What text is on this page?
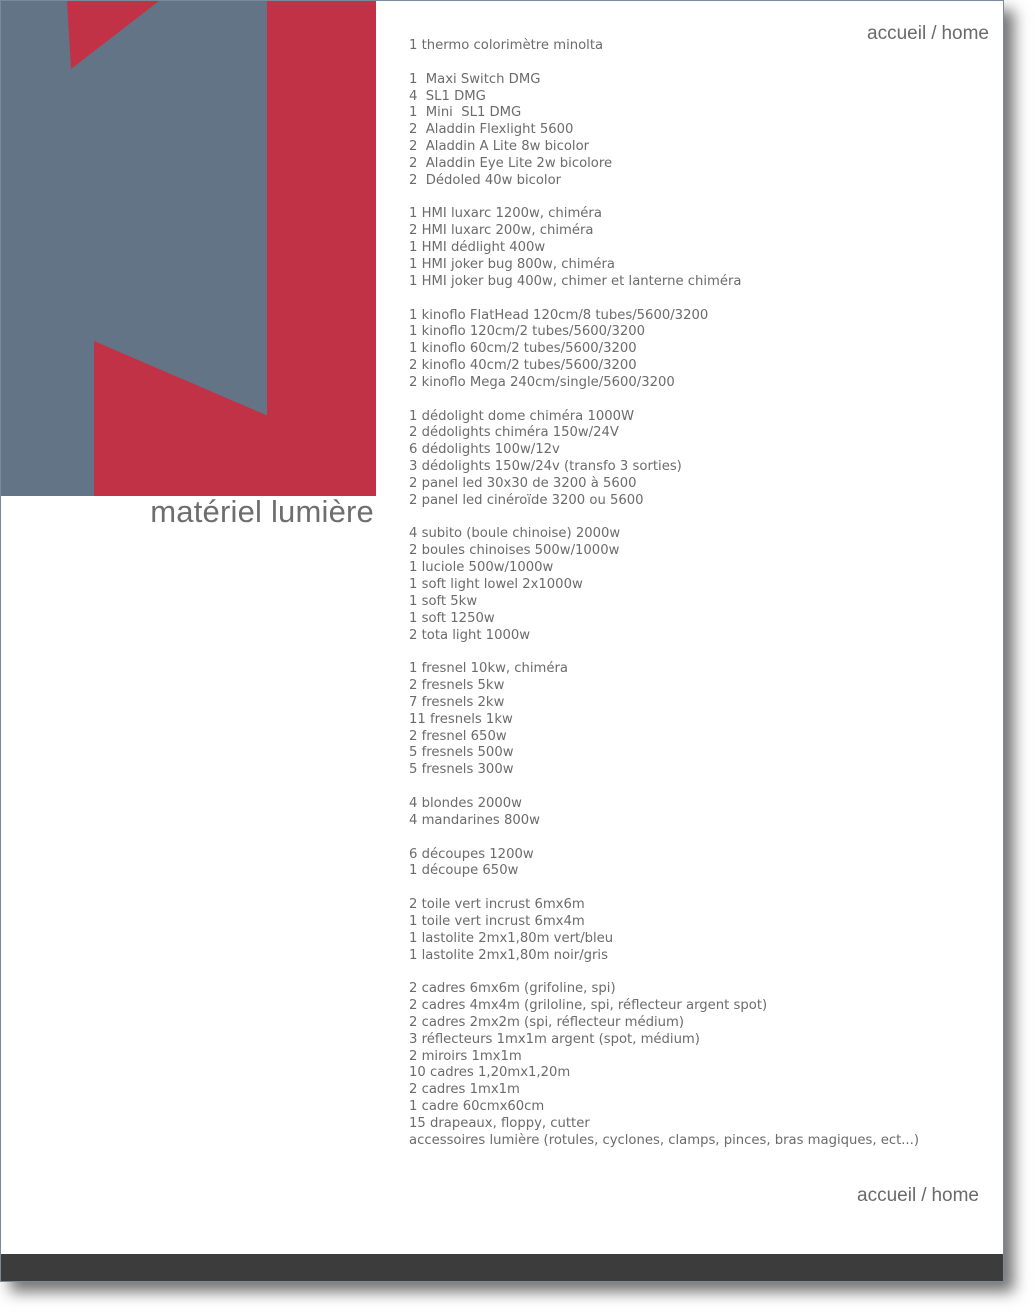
matériel lumière
accueil / home
1 thermo colorimètre minolta
1  Maxi Switch DMG
4  SL1 DMG
1  Mini  SL1 DMG
2  Aladdin Flexlight 5600
2  Aladdin A Lite 8w bicolor
2  Aladdin Eye Lite 2w bicolore
2  Dédoled 40w bicolor
1 HMI luxarc 1200w, chiméra
2 HMI luxarc 200w, chiméra
1 HMI dédlight 400w
1 HMI joker bug 800w, chiméra
1 HMI joker bug 400w, chimer et lanterne chiméra
1 kinoflo FlatHead 120cm/8 tubes/5600/3200
1 kinoflo 120cm/2 tubes/5600/3200
1 kinoflo 60cm/2 tubes/5600/3200
2 kinoflo 40cm/2 tubes/5600/3200
2 kinoflo Mega 240cm/single/5600/3200
1 dédolight dome chiméra 1000W
2 dédolights chiméra 150w/24V
6 dédolights 100w/12v
3 dédolights 150w/24v (transfo 3 sorties)
2 panel led 30x30 de 3200 à 5600
2 panel led cinéroïde 3200 ou 5600
4 subito (boule chinoise) 2000w
2 boules chinoises 500w/1000w
1 luciole 500w/1000w
1 soft light lowel 2x1000w
1 soft 5kw
1 soft 1250w
2 tota light 1000w
1 fresnel 10kw, chiméra
2 fresnels 5kw
7 fresnels 2kw
11 fresnels 1kw
2 fresnel 650w
5 fresnels 500w
5 fresnels 300w
4 blondes 2000w
4 mandarines 800w
6 découpes 1200w
1 découpe 650w
2 toile vert incrust 6mx6m
1 toile vert incrust 6mx4m
1 lastolite 2mx1,80m vert/bleu
1 lastolite 2mx1,80m noir/gris
2 cadres 6mx6m (grifoline, spi)
2 cadres 4mx4m (griloline, spi, réflecteur argent spot)
2 cadres 2mx2m (spi, réflecteur médium)
3 réflecteurs 1mx1m argent (spot, médium)
2 miroirs 1mx1m
10 cadres 1,20mx1,20m
2 cadres 1mx1m
1 cadre 60cmx60cm
15 drapeaux, floppy, cutter
accessoires lumière (rotules, cyclones, clamps, pinces, bras magiques, ect...)
accueil / home
